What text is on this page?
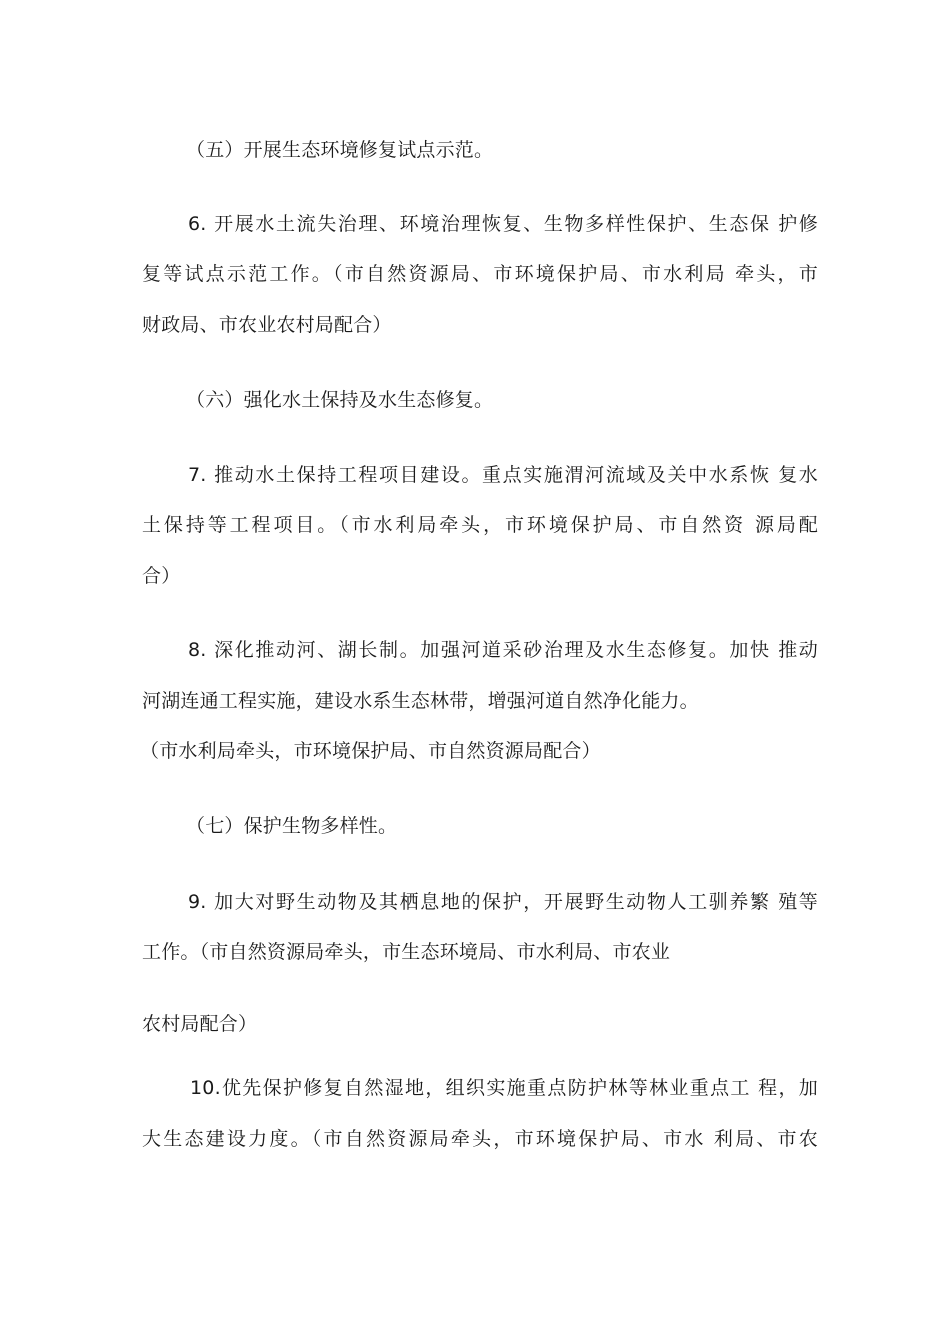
（五）开展生态环境修复试点示范。
6. 开展水土流失治理、环境治理恢复、生物多样性保护、生态保 护修
复等试点示范工作。（市自然资源局、市环境保护局、市水利局 牵头，市
财政局、市农业农村局配合）
（六）强化水土保持及水生态修复。
7. 推动水土保持工程项目建设。重点实施渭河流域及关中水系恢 复水
土保持等工程项目。（市水利局牵头，市环境保护局、市自然资 源局配
合）
8. 深化推动河、湖长制。加强河道采砂治理及水生态修复。加快 推动
河湖连通工程实施，建设水系生态林带，增强河道自然净化能力。
（市水利局牵头，市环境保护局、市自然资源局配合）
（七）保护生物多样性。
9. 加大对野生动物及其栖息地的保护，开展野生动物人工驯养繁 殖等
工作。（市自然资源局牵头，市生态环境局、市水利局、市农业
农村局配合）
10.优先保护修复自然湿地，组织实施重点防护林等林业重点工 程，加
大生态建设力度。（市自然资源局牵头，市环境保护局、市水 利局、市农
